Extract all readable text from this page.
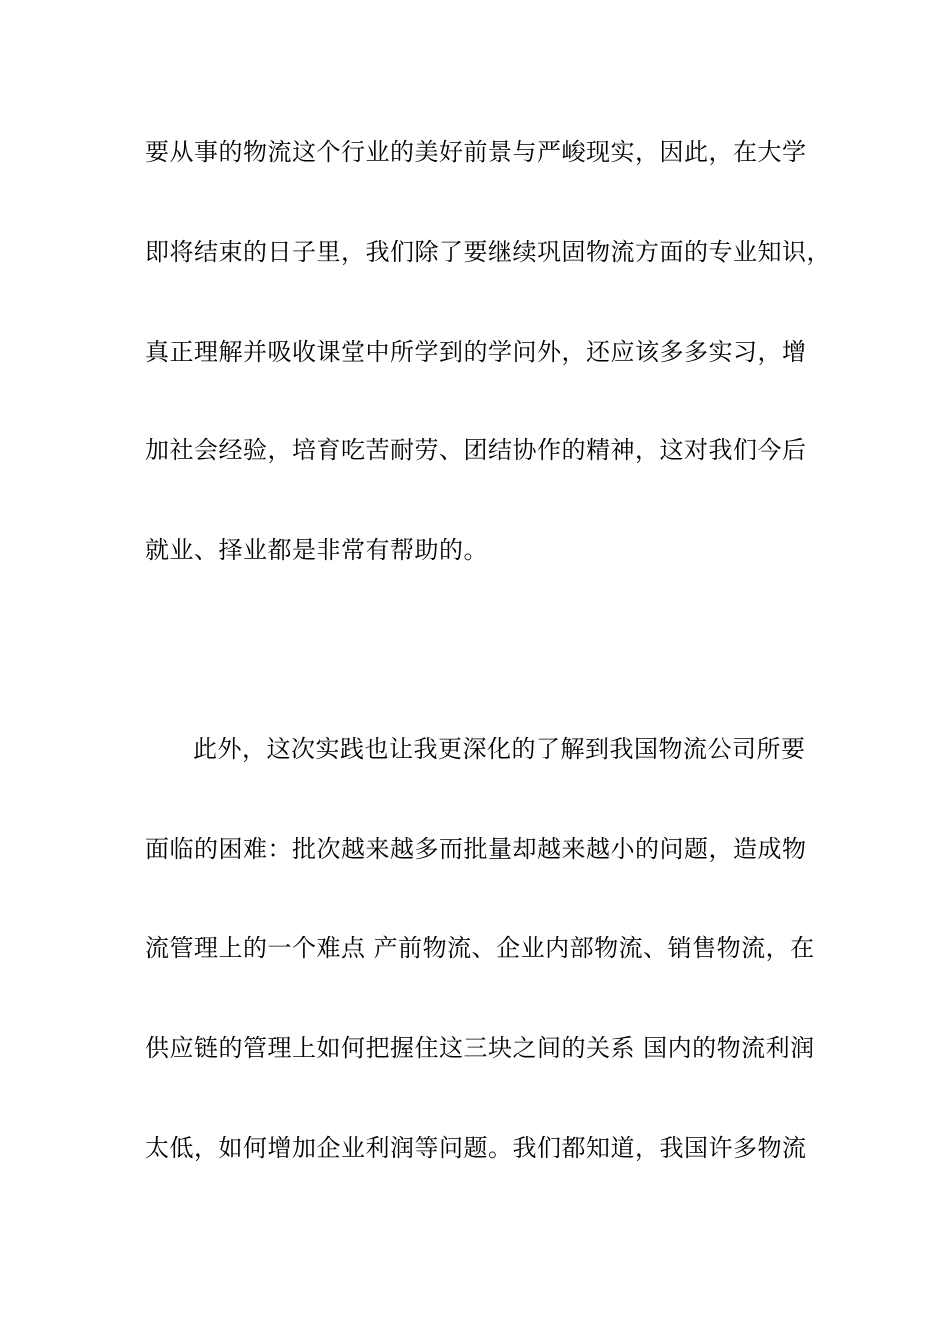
要从事的物流这个行业的美好前景与严峻现实，因此，在大学
即将结束的日子里，我们除了要继续巩固物流方面的专业知识，
真正理解并吸收课堂中所学到的学问外，还应该多多实习，增
加社会经验，培育吃苦耐劳、团结协作的精神，这对我们今后
就业、择业都是非常有帮助的。
此外，这次实践也让我更深化的了解到我国物流公司所要
面临的困难：批次越来越多而批量却越来越小的问题，造成物
流管理上的一个难点 产前物流、企业内部物流、销售物流，在
供应链的管理上如何把握住这三块之间的关系 国内的物流利润
太低，如何增加企业利润等问题。我们都知道，我国许多物流
